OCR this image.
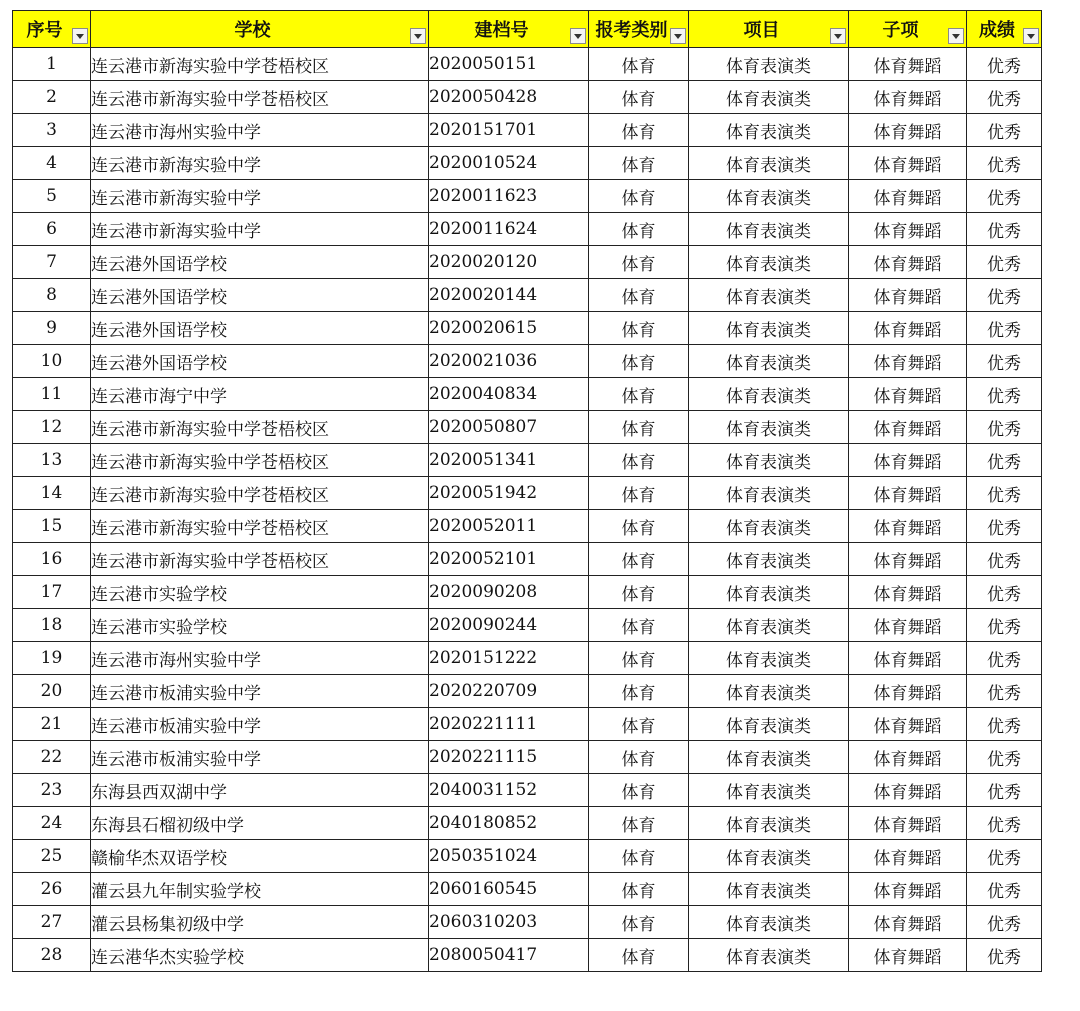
序号	学校	建档号	报考类别	项目	子项	成绩

1	连云港市新海实验中学苍梧校区	2020050151	体育	体育表演类	体育舞蹈	优秀
2	连云港市新海实验中学苍梧校区	2020050428	体育	体育表演类	体育舞蹈	优秀
3	连云港市海州实验中学	2020151701	体育	体育表演类	体育舞蹈	优秀
4	连云港市新海实验中学	2020010524	体育	体育表演类	体育舞蹈	优秀
5	连云港市新海实验中学	2020011623	体育	体育表演类	体育舞蹈	优秀
6	连云港市新海实验中学	2020011624	体育	体育表演类	体育舞蹈	优秀
7	连云港外国语学校	2020020120	体育	体育表演类	体育舞蹈	优秀
8	连云港外国语学校	2020020144	体育	体育表演类	体育舞蹈	优秀
9	连云港外国语学校	2020020615	体育	体育表演类	体育舞蹈	优秀
10	连云港外国语学校	2020021036	体育	体育表演类	体育舞蹈	优秀
11	连云港市海宁中学	2020040834	体育	体育表演类	体育舞蹈	优秀
12	连云港市新海实验中学苍梧校区	2020050807	体育	体育表演类	体育舞蹈	优秀
13	连云港市新海实验中学苍梧校区	2020051341	体育	体育表演类	体育舞蹈	优秀
14	连云港市新海实验中学苍梧校区	2020051942	体育	体育表演类	体育舞蹈	优秀
15	连云港市新海实验中学苍梧校区	2020052011	体育	体育表演类	体育舞蹈	优秀
16	连云港市新海实验中学苍梧校区	2020052101	体育	体育表演类	体育舞蹈	优秀
17	连云港市实验学校	2020090208	体育	体育表演类	体育舞蹈	优秀
18	连云港市实验学校	2020090244	体育	体育表演类	体育舞蹈	优秀
19	连云港市海州实验中学	2020151222	体育	体育表演类	体育舞蹈	优秀
20	连云港市板浦实验中学	2020220709	体育	体育表演类	体育舞蹈	优秀
21	连云港市板浦实验中学	2020221111	体育	体育表演类	体育舞蹈	优秀
22	连云港市板浦实验中学	2020221115	体育	体育表演类	体育舞蹈	优秀
23	东海县西双湖中学	2040031152	体育	体育表演类	体育舞蹈	优秀
24	东海县石榴初级中学	2040180852	体育	体育表演类	体育舞蹈	优秀
25	赣榆华杰双语学校	2050351024	体育	体育表演类	体育舞蹈	优秀
26	灌云县九年制实验学校	2060160545	体育	体育表演类	体育舞蹈	优秀
27	灌云县杨集初级中学	2060310203	体育	体育表演类	体育舞蹈	优秀
28	连云港华杰实验学校	2080050417	体育	体育表演类	体育舞蹈	优秀
